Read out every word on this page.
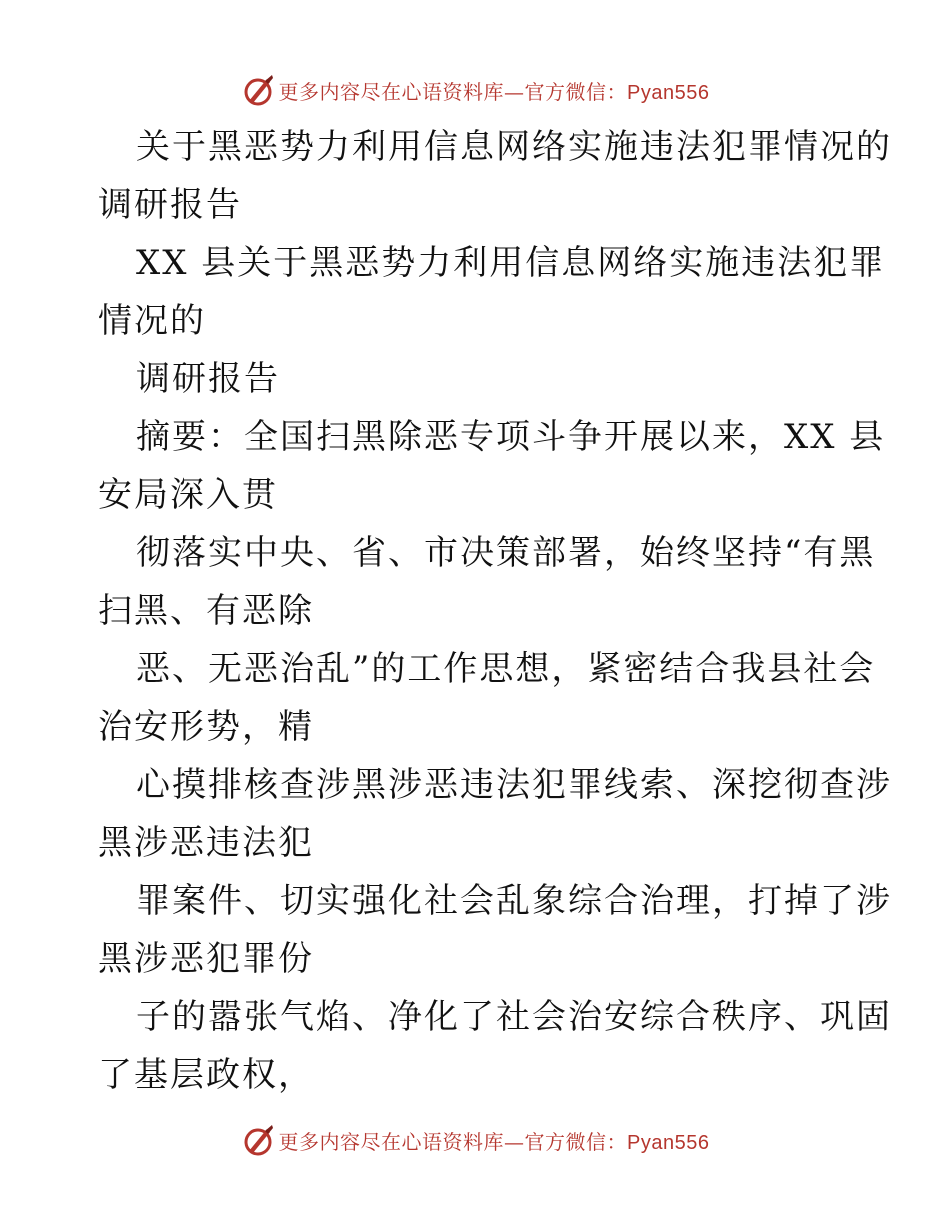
更多内容尽在心语资料库—官方微信：Pyan556
关于黑恶势力利用信息网络实施违法犯罪情况的
调研报告
XX 县关于黑恶势力利用信息网络实施违法犯罪
情况的
调研报告
摘要：全国扫黑除恶专项斗争开展以来，XX 县
安局深入贯
彻落实中央、省、市决策部署，始终坚持“有黑
扫黑、有恶除
恶、无恶治乱”的工作思想，紧密结合我县社会
治安形势，精
心摸排核查涉黑涉恶违法犯罪线索、深挖彻查涉
黑涉恶违法犯
罪案件、切实强化社会乱象综合治理，打掉了涉
黑涉恶犯罪份
子的嚣张气焰、净化了社会治安综合秩序、巩固
了基层政权，
更多内容尽在心语资料库—官方微信：Pyan556
